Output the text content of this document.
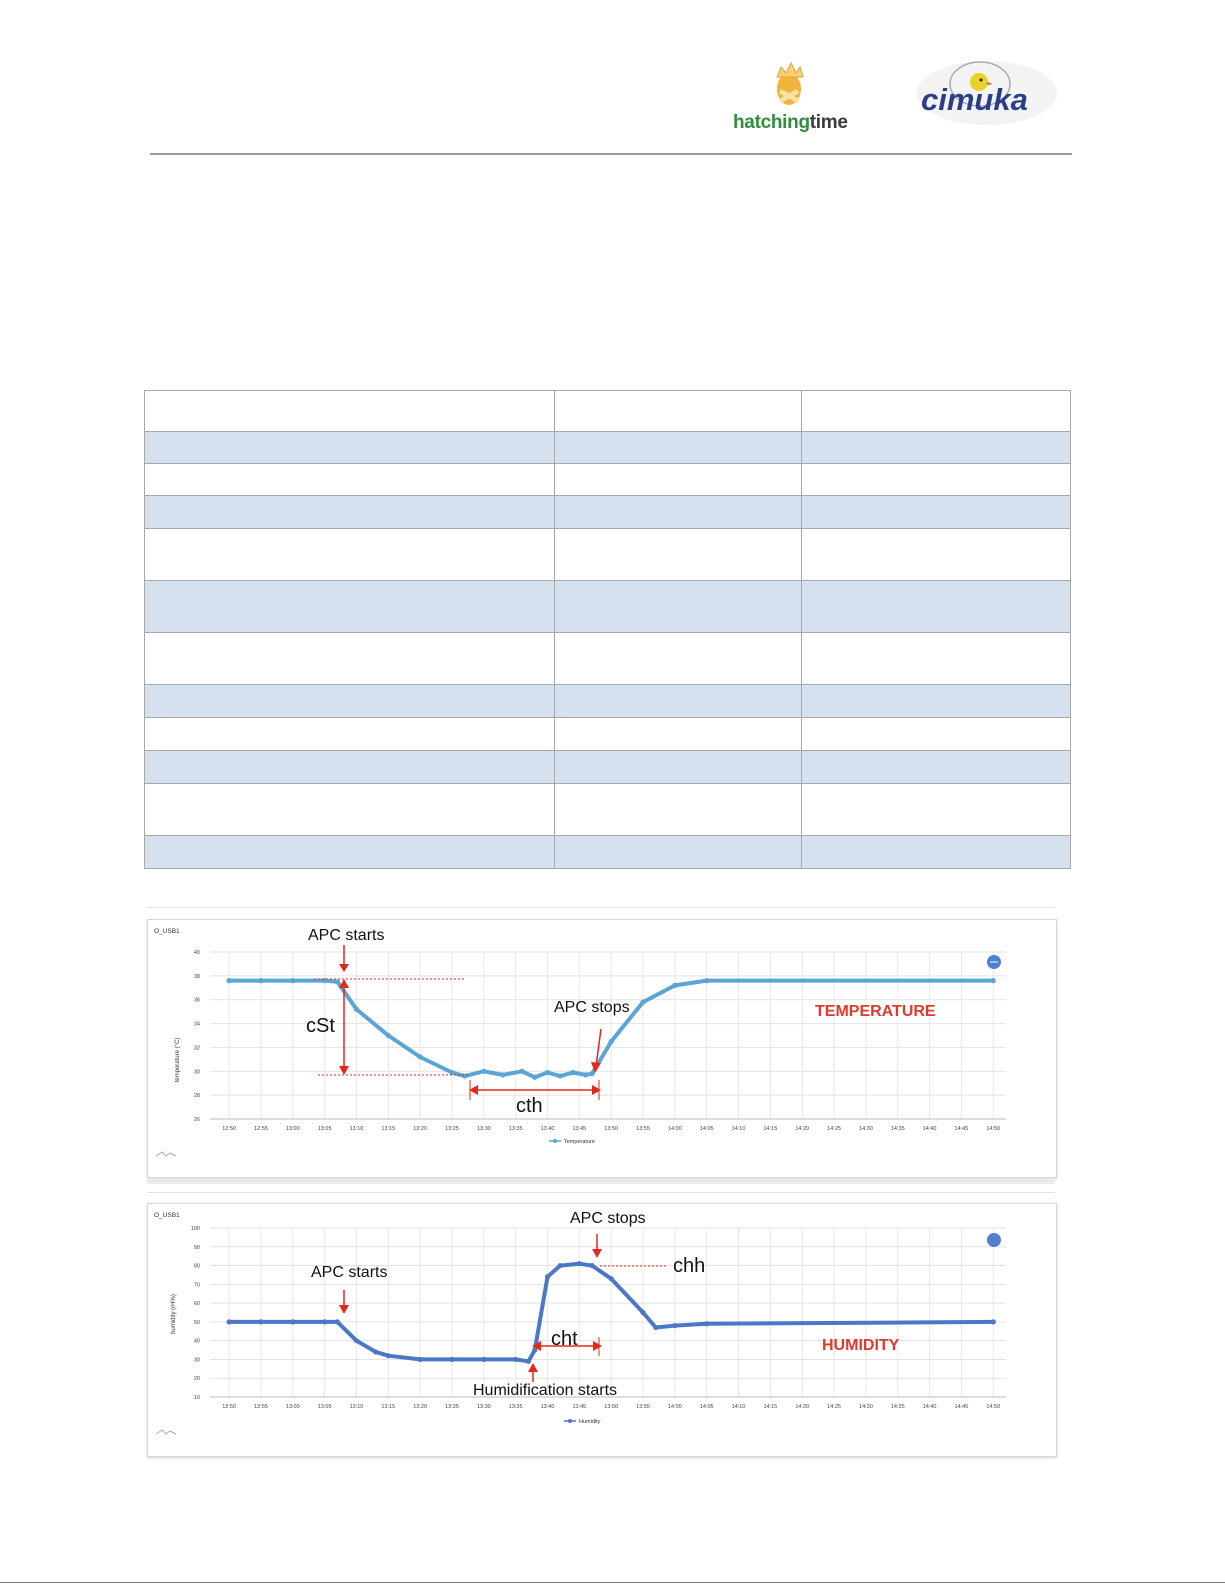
hatchingtime
cimuka

O_USB1
temperature (°C)
26
28
30
32
34
36
38
40
12:50	12:55	13:00	13:05	13:10	13:15	13:20	13:25	13:30	13:35	13:40	13:45	13:50	13:55	14:00	14:05	14:10	14:15	14:20	14:25	14:30	14:35	14:40	14:45	14:50
Temperature
TEMPERATURE
APC starts
APC stops
cSt
cth
O_USB1
humidity (rH%)
10
20
30
40
50
60
70
80
90
100
12:50	12:55	13:00	13:05	13:10	13:15	13:20	13:25	13:30	13:35	13:40	13:45	13:50	13:55	14:00	14:05	14:10	14:15	14:20	14:25	14:30	14:35	14:40	14:45	14:50
Humidity
HUMIDITY
APC starts
APC stops
chh
cht
Humidification starts
